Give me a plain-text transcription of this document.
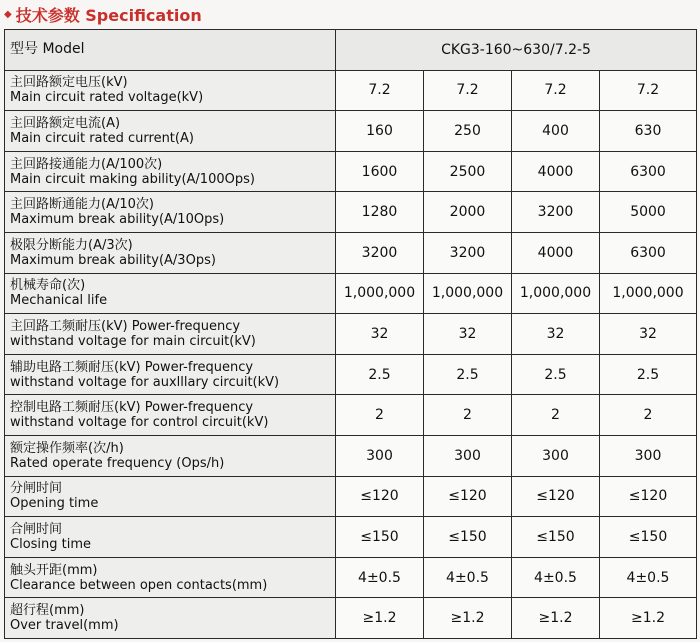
◆ 技术参数 Specification
型号 Model	CKG3-160~630/7.2-5			

主回路额定电压(kV)
Main circuit rated voltage(kV)	7.2	7.2	7.2	7.2

主回路额定电流(A)
Main circuit rated current(A)	160	250	400	630

主回路接通能力(A/100次)
Main circuit making ability(A/100Ops)	1600	2500	4000	6300

主回路断通能力(A/10次)
Maximum break ability(A/10Ops)	1280	2000	3200	5000

极限分断能力(A/3次)
Maximum break ability(A/3Ops)	3200	3200	4000	6300

机械寿命(次)
Mechanical life	1,000,000	1,000,000	1,000,000	1,000,000

主回路工频耐压(kV) Power-frequency
withstand voltage for main circuit(kV)	32	32	32	32

辅助电路工频耐压(kV) Power-frequency
withstand voltage for auxlllary circuit(kV)	2.5	2.5	2.5	2.5

控制电路工频耐压(kV) Power-frequency
withstand voltage for control circuit(kV)	2	2	2	2

额定操作频率(次/h)
Rated operate frequency (Ops/h)	300	300	300	300

分闸时间
Opening time	≤120	≤120	≤120	≤120

合闸时间
Closing time	≤150	≤150	≤150	≤150

触头开距(mm)
Clearance between open contacts(mm)	4±0.5	4±0.5	4±0.5	4±0.5

超行程(mm)
Over travel(mm)	≥1.2	≥1.2	≥1.2	≥1.2
